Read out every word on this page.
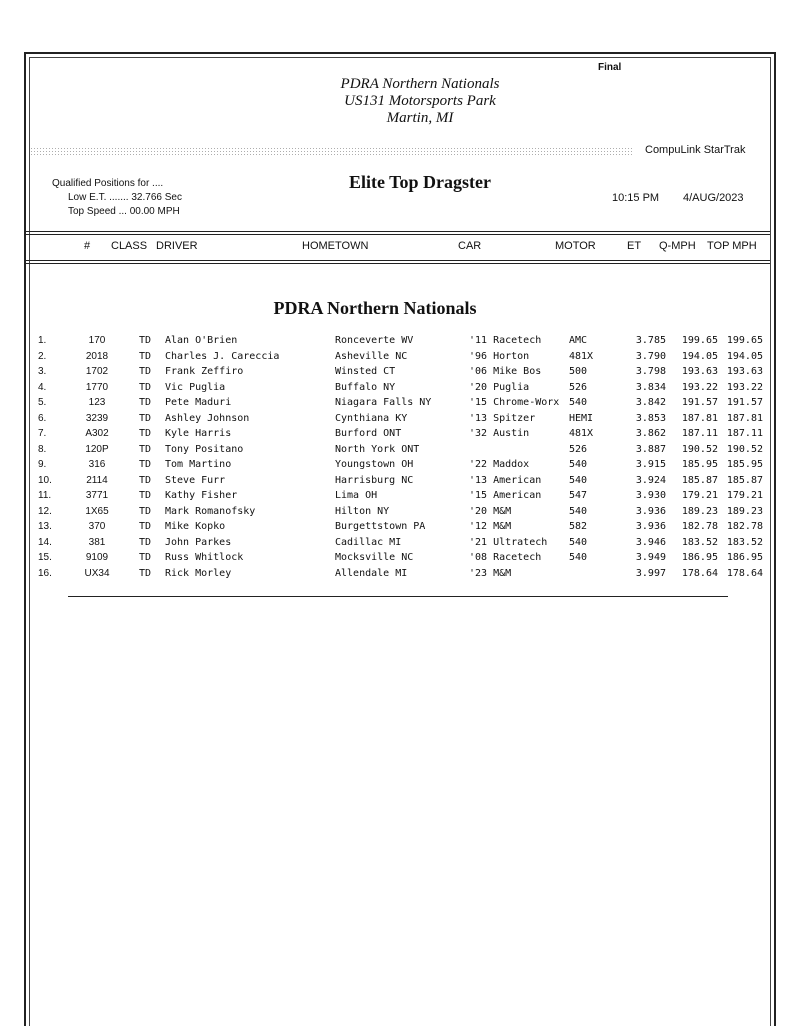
Final
PDRA Northern Nationals
US131 Motorsports Park
Martin, MI
CompuLink StarTrak
Qualified Positions for ....
Low E.T. ....... 32.766 Sec
Top Speed ... 00.00 MPH
Elite Top Dragster
10:15 PM 4/AUG/2023
# CLASS DRIVER	HOMETOWN	CAR	MOTOR	ET Q-MPH TOP MPH
PDRA Northern Nationals
1.	170	TD		Alan O'Brien	Ronceverte WV	'11 Racetech	AMC	3.785	199.65	199.65
2.	2018	TD		Charles J. Careccia	Asheville NC	'96 Horton	481X	3.790	194.05	194.05
3.	1702	TD		Frank Zeffiro	Winsted CT	'06 Mike Bos	500	3.798	193.63	193.63
4.	1770	TD		Vic Puglia	Buffalo NY	'20 Puglia	526	3.834	193.22	193.22
5.	123	TD		Pete Maduri	Niagara Falls NY	'15 Chrome-Worx	540	3.842	191.57	191.57
6.	3239	TD		Ashley Johnson	Cynthiana KY	'13 Spitzer	HEMI	3.853	187.81	187.81
7.	A302	TD		Kyle Harris	Burford ONT	'32 Austin	481X	3.862	187.11	187.11
8.	120P	TD		Tony Positano	North York ONT		526	3.887	190.52	190.52
9.	316	TD		Tom Martino	Youngstown OH	'22 Maddox	540	3.915	185.95	185.95
10.	2114	TD		Steve Furr	Harrisburg NC	'13 American	540	3.924	185.87	185.87
11.	3771	TD		Kathy Fisher	Lima OH	'15 American	547	3.930	179.21	179.21
12.	1X65	TD		Mark Romanofsky	Hilton NY	'20 M&M	540	3.936	189.23	189.23
13.	370	TD		Mike Kopko	Burgettstown PA	'12 M&M	582	3.936	182.78	182.78
14.	381	TD		John Parkes	Cadillac MI	'21 Ultratech	540	3.946	183.52	183.52
15.	9109	TD		Russ Whitlock	Mocksville NC	'08 Racetech	540	3.949	186.95	186.95
16.	UX34	TD		Rick Morley	Allendale MI	'23 M&M		3.997	178.64	178.64
